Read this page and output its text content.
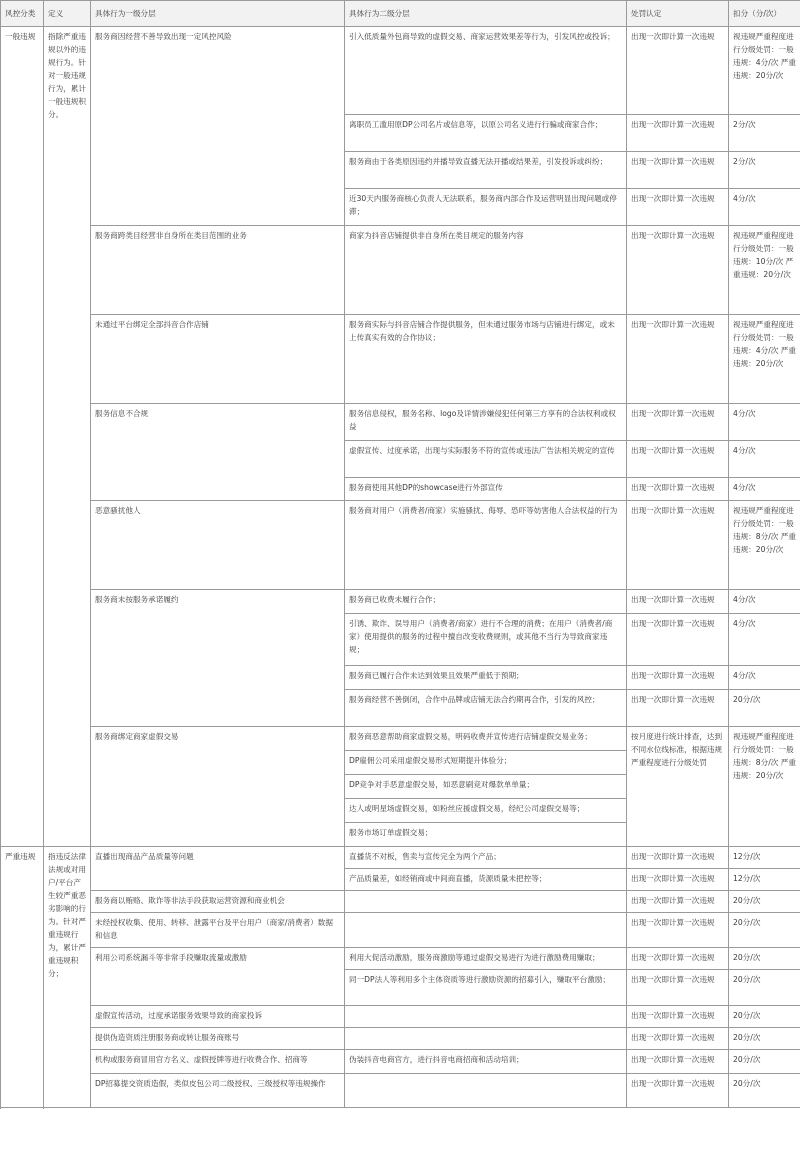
风控分类	定义	具体行为一级分层	具体行为二级分层	处罚认定	扣分（分/次）
一般违规	指除严重违规以外的违规行为。针对一般违规行为，累计一般违规积分。	服务商因经营不善导致出现一定风控风险	引入低质量外包商导致的虚假交易、商家运营效果差等行为，引发风控或投诉；	出现一次即计算一次违规	视违规严重程度进行分级处罚：一般违规：4分/次 严重违规：20分/次
			离职员工滥用原DP公司名片或信息等，以原公司名义进行行骗或商家合作；	出现一次即计算一次违规	2分/次
			服务商由于各类原因违约并播导致直播无法开播或结果差，引发投诉或纠纷；	出现一次即计算一次违规	2分/次
			近30天内服务商核心负责人无法联系，服务商内部合作及运营明显出现问题或停滞；	出现一次即计算一次违规	4分/次
		服务商跨类目经营非自身所在类目范围的业务	商家为抖音店铺提供非自身所在类目规定的服务内容	出现一次即计算一次违规	视违规严重程度进行分级处罚：一般违规：10分/次 严重违规：20分/次
		未通过平台绑定全部抖音合作店铺	服务商实际与抖音店铺合作提供服务，但未通过服务市场与店铺进行绑定，或未上传真实有效的合作协议；	出现一次即计算一次违规	视违规严重程度进行分级处罚：一般违规：4分/次 严重违规：20分/次
		服务信息不合规	服务信息侵权，服务名称、logo及详情涉嫌侵犯任何第三方享有的合法权利或权益	出现一次即计算一次违规	4分/次
			虚假宣传、过度承诺，出现与实际服务不符的宣传或违法广告法相关规定的宣传	出现一次即计算一次违规	4分/次
			服务商使用其他DP的showcase进行外部宣传	出现一次即计算一次违规	4分/次
		恶意骚扰他人	服务商对用户（消费者/商家）实施骚扰、侮辱、恐吓等妨害他人合法权益的行为	出现一次即计算一次违规	视违规严重程度进行分级处罚：一般违规：8分/次 严重违规：20分/次
		服务商未按服务承诺履约	服务商已收费未履行合作；	出现一次即计算一次违规	4分/次
			引诱、欺诈、误导用户（消费者/商家）进行不合理的消费；在用户（消费者/商家）使用提供的服务的过程中擅自改变收费规则，或其他不当行为导致商家违规；	出现一次即计算一次违规	4分/次
			服务商已履行合作未达到效果且效果严重低于预期；	出现一次即计算一次违规	4分/次
			服务商经营不善倒闭，合作中品牌或店铺无法合约期再合作，引发的风控；	出现一次即计算一次违规	20分/次
		服务商绑定商家虚假交易	服务商恶意帮助商家虚假交易，明码收费并宣传进行店铺虚假交易业务；	按月度进行统计排查，达到不同水位线标准，根据违规严重程度进行分级处罚	视违规严重程度进行分级处罚：一般违规：8分/次 严重违规：20分/次
			DP雇佣公司采用虚假交易形式短期提升体验分；		
			DP竞争对手恶意虚假交易，如恶意刷竞对爆款单单量；		
			达人或明星场虚假交易，如粉丝应援虚假交易，经纪公司虚假交易等；		
			服务市场订单虚假交易；		

严重违规	指违反法律法规或对用户/平台产生较严重恶劣影响的行为。针对严重违规行为，累计严重违规积分；	直播出现商品产品质量等问题	直播货不对板，售卖与宣传完全为两个产品；	出现一次即计算一次违规	12分/次
			产品质量差，如经销商或中间商直播，货源质量未把控等；	出现一次即计算一次违规	12分/次
		服务商以贿赂、欺诈等非法手段获取运营资源和商业机会		出现一次即计算一次违规	20分/次
		未经授权收集、使用、转移、泄露平台及平台用户（商家/消费者）数据和信息		出现一次即计算一次违规	20分/次
		利用公司系统漏斗等非常手段赚取流量或激励	利用大促活动激励，服务商激励等通过虚假交易进行为进行激励费用赚取；	出现一次即计算一次违规	20分/次
			同一DP法人等利用多个主体资质等进行激励资源的招募引入，赚取平台激励；	出现一次即计算一次违规	20分/次
		虚假宣传活动，过度承诺服务效果导致的商家投诉		出现一次即计算一次违规	20分/次
		提供伪造资质注册服务商或转让服务商账号		出现一次即计算一次违规	20分/次
		机构或服务商冒用官方名义、虚假授牌等进行收费合作、招商等	伪装抖音电商官方，进行抖音电商招商和活动培训；	出现一次即计算一次违规	20分/次
		DP招募提交资质造假，类似皮包公司二级授权、三级授权等违规操作		出现一次即计算一次违规	20分/次
